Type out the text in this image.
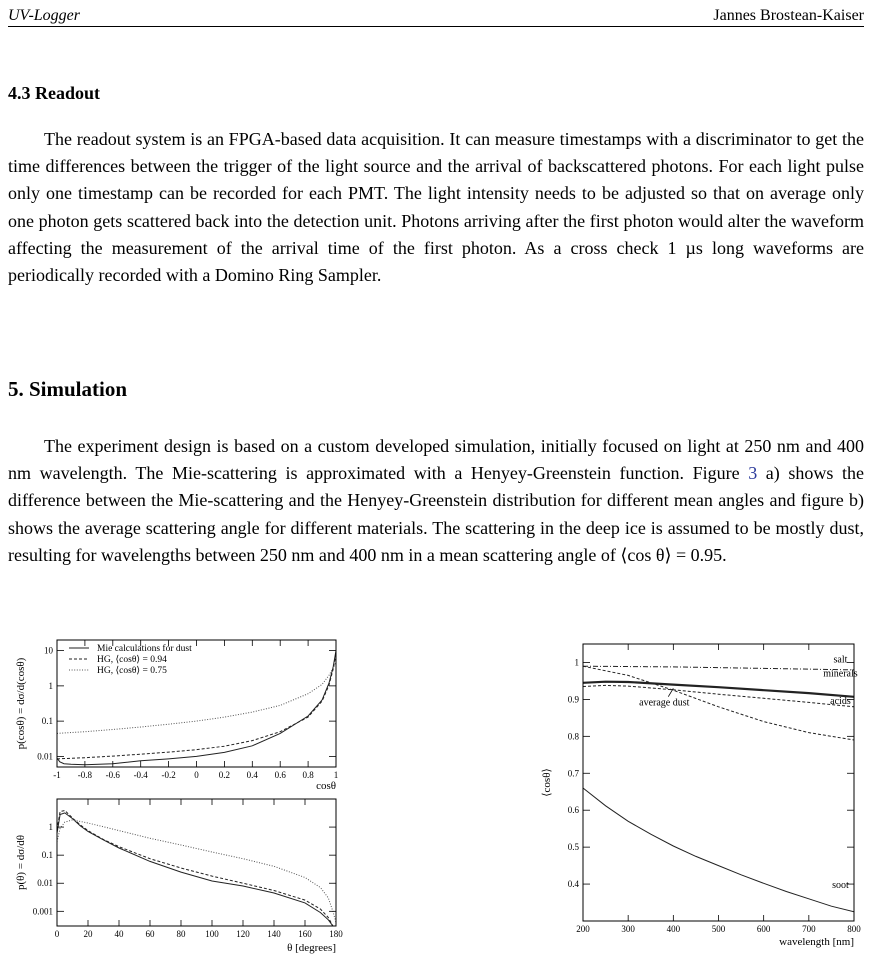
UV-Logger	Jannes Brostean-Kaiser
4.3 Readout

The readout system is an FPGA-based data acquisition. It can measure timestamps with a discriminator to get the time differences between the trigger of the light source and the arrival of backscattered photons. For each light pulse only one timestamp can be recorded for each PMT. The light intensity needs to be adjusted so that on average only one photon gets scattered back into the detection unit. Photons arriving after the first photon would alter the waveform affecting the measurement of the arrival time of the first photon. As a cross check 1 µs long waveforms are periodically recorded with a Domino Ring Sampler.

5. Simulation

The experiment design is based on a custom developed simulation, initially focused on light at 250 nm and 400 nm wavelength. The Mie-scattering is approximated with a Henyey-Greenstein function. Figure 3 a) shows the difference between the Mie-scattering and the Henyey-Greenstein distribution for different mean angles and figure b) shows the average scattering angle for different materials. The scattering in the deep ice is assumed to be mostly dust, resulting for wavelengths between 250 nm and 400 nm in a mean scattering angle of ⟨cos θ⟩ = 0.95.

-1 -0.8 -0.6 -0.4 -0.2 0 0.2 0.4 0.6 0.8 1
0.01
0.1
1
10
cosθ
p(cosθ) = dσ/d(cosθ)
Mie calculations for dust
HG, ⟨cosθ⟩ = 0.94
HG, ⟨cosθ⟩ = 0.75
0	20 40 60 80 100 120 140 160 180
0.001
0.01
0.1
1
θ [degrees]
p(θ) = dσ/dθ
salt
minerals
acids
soot
200	300	400	500	600	700	800
0.4
0.5
0.6
0.7
0.8
0.9
1
wavelength [nm]
⟨cosθ⟩
average dust
